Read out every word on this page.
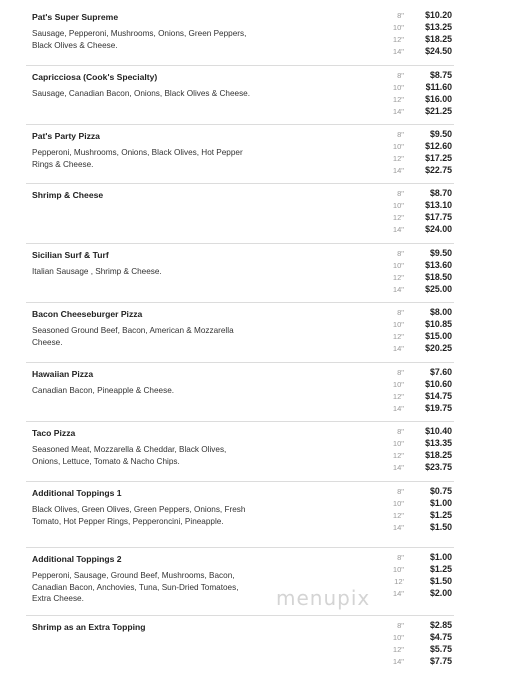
Pat's Super Supreme
Sausage, Pepperoni, Mushrooms, Onions, Green Peppers, Black Olives & Cheese.
8"	$10.20
10"	$13.25
12"	$18.25
14"	$24.50
Capricciosa (Cook's Specialty)
Sausage, Canadian Bacon, Onions, Black Olives & Cheese.
8"	$8.75
10"	$11.60
12"	$16.00
14"	$21.25
Pat's Party Pizza
Pepperoni, Mushrooms, Onions, Black Olives, Hot Pepper Rings & Cheese.
8"	$9.50
10"	$12.60
12"	$17.25
14"	$22.75
Shrimp & Cheese	8"	$8.70
10"	$13.10
12"	$17.75
14"	$24.00
Sicilian Surf & Turf
Italian Sausage , Shrimp & Cheese.
8"	$9.50
10"	$13.60
12"	$18.50
14"	$25.00
Bacon Cheeseburger Pizza
Seasoned Ground Beef, Bacon, American & Mozzarella Cheese.
8"	$8.00
10"	$10.85
12"	$15.00
14"	$20.25
Hawaiian Pizza
Canadian Bacon, Pineapple & Cheese.
8"	$7.60
10"	$10.60
12"	$14.75
14"	$19.75
Taco Pizza
Seasoned Meat, Mozzarella & Cheddar, Black Olives, Onions, Lettuce, Tomato & Nacho Chips.
8"	$10.40
10"	$13.35
12"	$18.25
14"	$23.75
Additional Toppings 1
Black Olives, Green Olives, Green Peppers, Onions, Fresh Tomato, Hot Pepper Rings, Pepperoncini, Pineapple.
8"	$0.75
10"	$1.00
12"	$1.25
14"	$1.50
Additional Toppings 2
Pepperoni, Sausage, Ground Beef, Mushrooms, Bacon, Canadian Bacon, Anchovies, Tuna, Sun-Dried Tomatoes, Extra Cheese.
8"	$1.00
10"	$1.25
12'	$1.50
14"	$2.00
Shrimp as an Extra Topping	8"	$2.85
10"	$4.75
12"	$5.75
14"	$7.75
menupix
